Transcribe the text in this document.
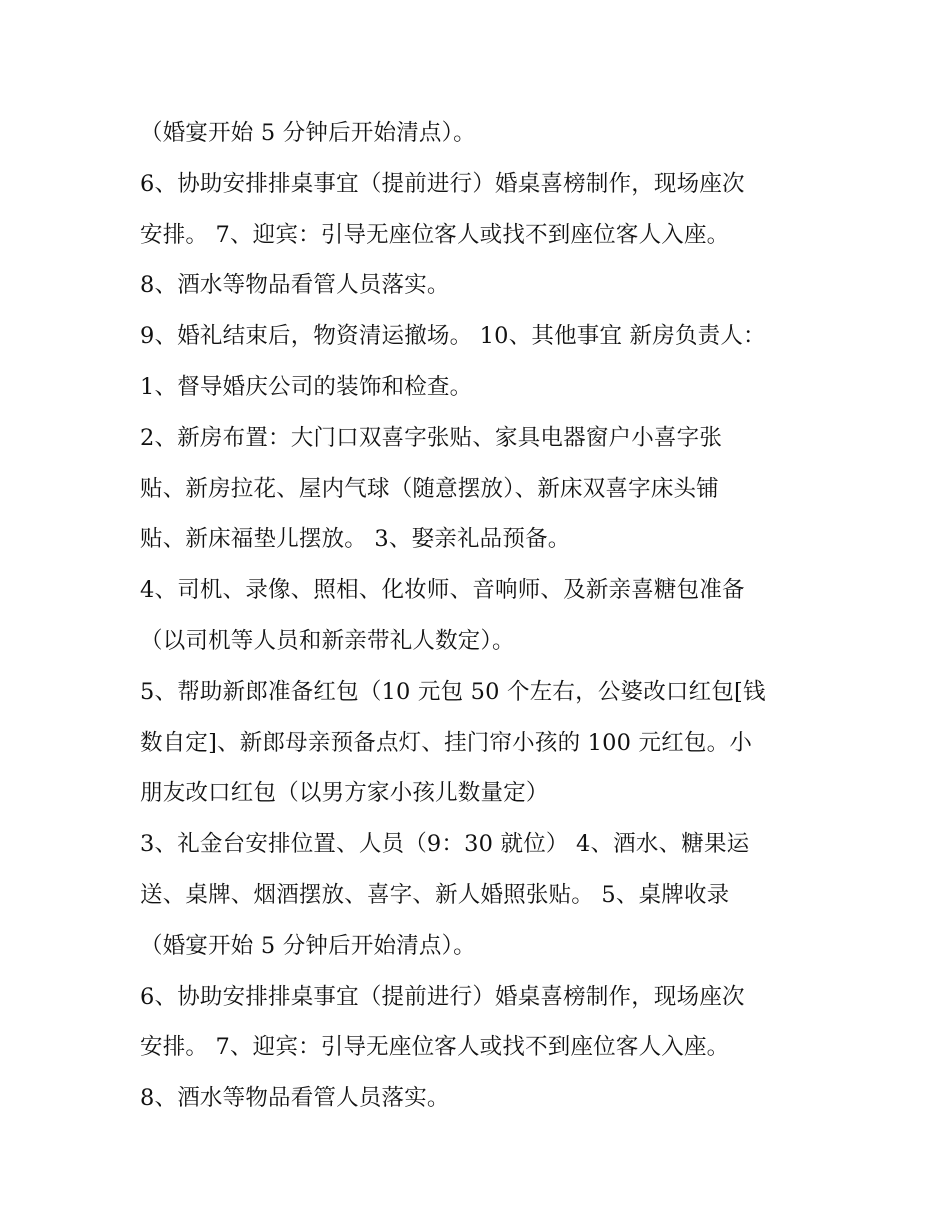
（婚宴开始 5 分钟后开始清点）。
6、协助安排排桌事宜（提前进行）婚桌喜榜制作，现场座次
安排。 7、迎宾：引导无座位客人或找不到座位客人入座。
8、酒水等物品看管人员落实。
9、婚礼结束后，物资清运撤场。 10、其他事宜 新房负责人：
1、督导婚庆公司的装饰和检查。
2、新房布置：大门口双喜字张贴、家具电器窗户小喜字张
贴、新房拉花、屋内气球（随意摆放）、新床双喜字床头铺
贴、新床福垫儿摆放。 3、娶亲礼品预备。
4、司机、录像、照相、化妆师、音响师、及新亲喜糖包准备
（以司机等人员和新亲带礼人数定）。
5、帮助新郎准备红包（10 元包 50 个左右，公婆改口红包[钱
数自定]、新郎母亲预备点灯、挂门帘小孩的 100 元红包。小
朋友改口红包（以男方家小孩儿数量定）
3、礼金台安排位置、人员（9：30 就位） 4、酒水、糖果运
送、桌牌、烟酒摆放、喜字、新人婚照张贴。 5、桌牌收录
（婚宴开始 5 分钟后开始清点）。
6、协助安排排桌事宜（提前进行）婚桌喜榜制作，现场座次
安排。 7、迎宾：引导无座位客人或找不到座位客人入座。
8、酒水等物品看管人员落实。
